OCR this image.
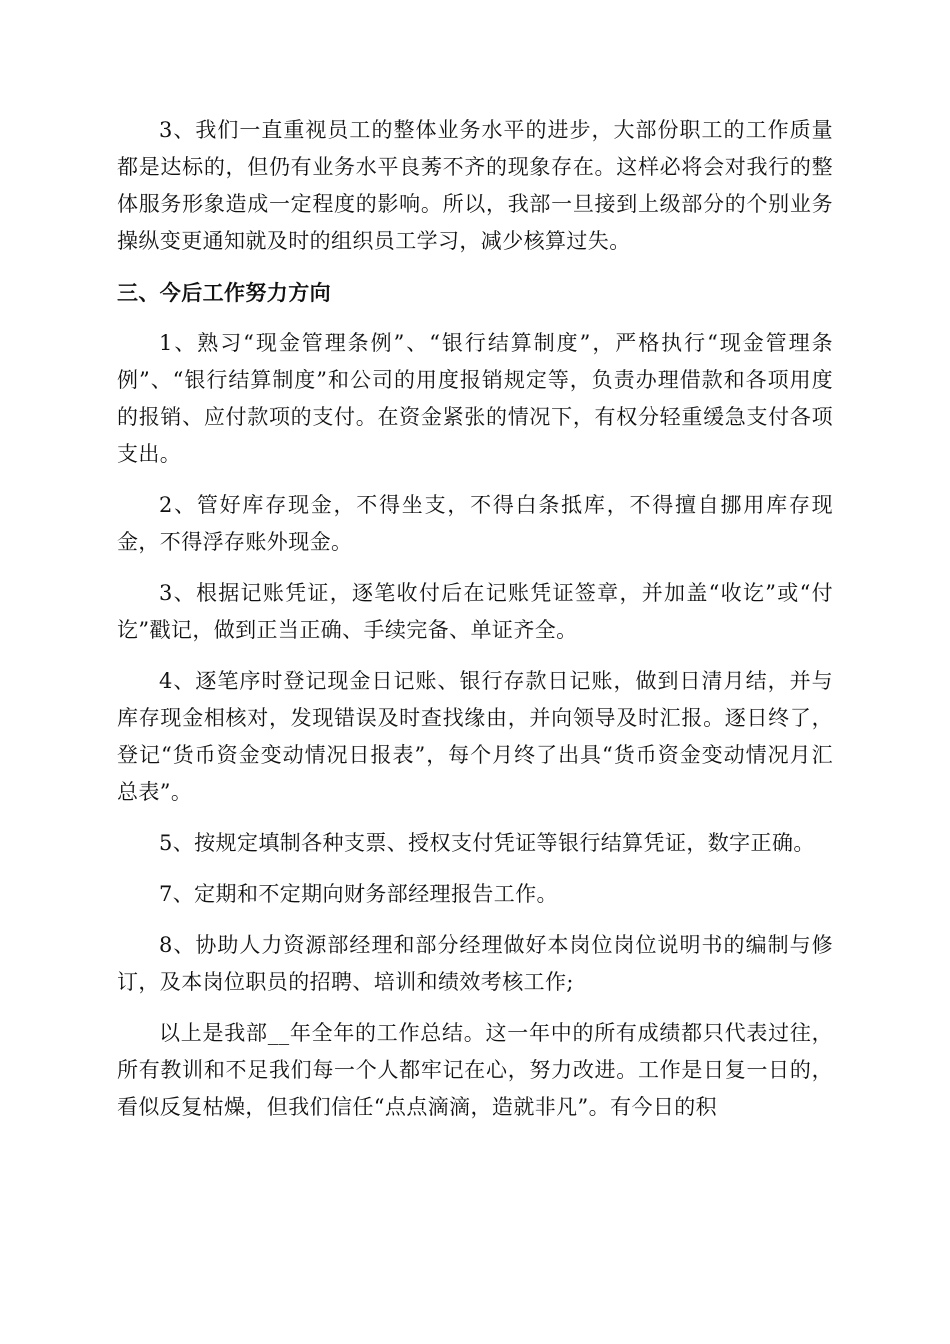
3、我们一直重视员工的整体业务水平的进步，大部份职工的工作质量都是达标的，但仍有业务水平良莠不齐的现象存在。这样必将会对我行的整体服务形象造成一定程度的影响。所以，我部一旦接到上级部分的个别业务操纵变更通知就及时的组织员工学习，减少核算过失。

三、今后工作努力方向

1、熟习“现金管理条例”、“银行结算制度”，严格执行“现金管理条例”、“银行结算制度”和公司的用度报销规定等，负责办理借款和各项用度的报销、应付款项的支付。在资金紧张的情况下，有权分轻重缓急支付各项支出。

2、管好库存现金，不得坐支，不得白条抵库，不得擅自挪用库存现金，不得浮存账外现金。

3、根据记账凭证，逐笔收付后在记账凭证签章，并加盖“收讫”或“付讫”戳记，做到正当正确、手续完备、单证齐全。

4、逐笔序时登记现金日记账、银行存款日记账，做到日清月结，并与库存现金相核对，发现错误及时查找缘由，并向领导及时汇报。逐日终了，登记“货币资金变动情况日报表”，每个月终了出具“货币资金变动情况月汇总表”。

5、按规定填制各种支票、授权支付凭证等银行结算凭证，数字正确。

7、定期和不定期向财务部经理报告工作。

8、协助人力资源部经理和部分经理做好本岗位岗位说明书的编制与修订，及本岗位职员的招聘、培训和绩效考核工作;

以上是我部__年全年的工作总结。这一年中的所有成绩都只代表过往，所有教训和不足我们每一个人都牢记在心，努力改进。工作是日复一日的，看似反复枯燥，但我们信任“点点滴滴，造就非凡”。有今日的积
